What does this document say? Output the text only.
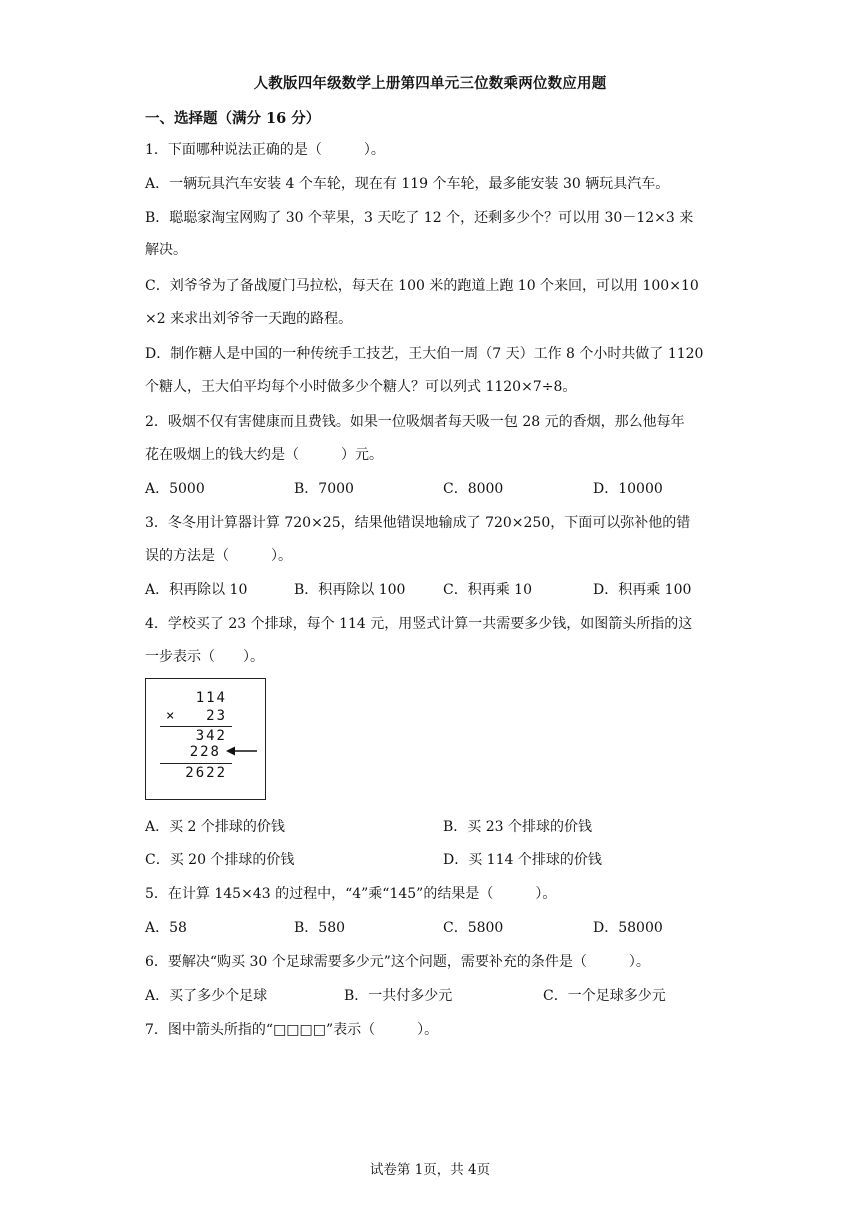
人教版四年级数学上册第四单元三位数乘两位数应用题
一、选择题（满分 16 分）
1．下面哪种说法正确的是（　　　）。
A．一辆玩具汽车安装 4 个车轮，现在有 119 个车轮，最多能安装 30 辆玩具汽车。
B．聪聪家淘宝网购了 30 个苹果，3 天吃了 12 个，还剩多少个？可以用 30－12×3 来
解决。
C．刘爷爷为了备战厦门马拉松，每天在 100 米的跑道上跑 10 个来回，可以用 100×10
×2 来求出刘爷爷一天跑的路程。
D．制作糖人是中国的一种传统手工技艺，王大伯一周（7 天）工作 8 个小时共做了 1120
个糖人，王大伯平均每个小时做多少个糖人？可以列式 1120×7÷8。
2．吸烟不仅有害健康而且费钱。如果一位吸烟者每天吸一包 28 元的香烟，那么他每年
花在吸烟上的钱大约是（　　　）元。
A．5000	B．7000	C．8000	D．10000
3．冬冬用计算器计算 720×25，结果他错误地输成了 720×250，下面可以弥补他的错
误的方法是（　　　）。
A．积再除以 10	B．积再除以 100	C．积再乘 10	D．积再乘 100
4．学校买了 23 个排球，每个 114 元，用竖式计算一共需要多少钱，如图箭头所指的这
一步表示（　　）。
114
× 23
342
228
2622
A．买 2 个排球的价钱	B．买 23 个排球的价钱
C．买 20 个排球的价钱	D．买 114 个排球的价钱
5．在计算 145×43 的过程中，“4”乘“145”的结果是（　　　）。
A．58	B．580	C．5800	D．58000
6．要解决“购买 30 个足球需要多少元”这个问题，需要补充的条件是（　　　）。
A．买了多少个足球	B．一共付多少元	C．一个足球多少元
7．图中箭头所指的“□□□□”表示（　　　）。
试卷第 1页，共 4页
